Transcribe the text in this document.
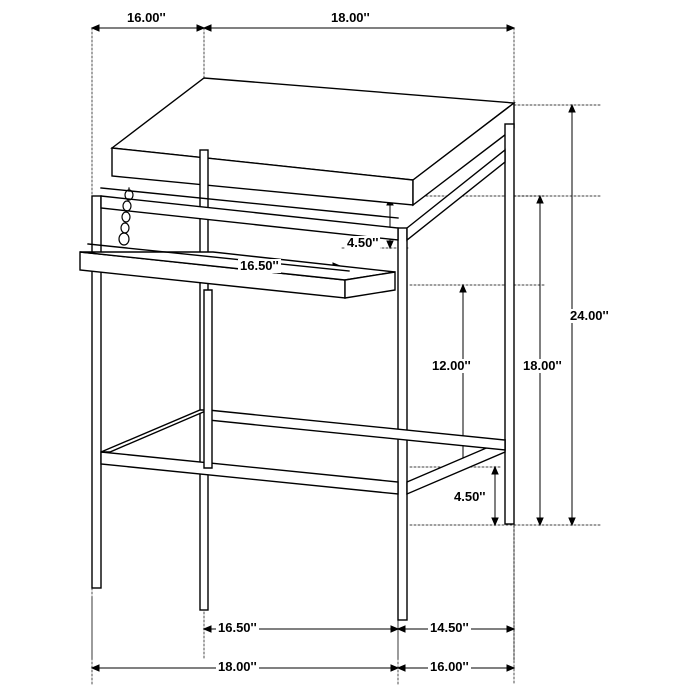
16.00''	18.00''
4.50''
16.50''
12.00''
24.00''
18.00''
4.50''
16.50''	14.50''
18.00''	16.00''
